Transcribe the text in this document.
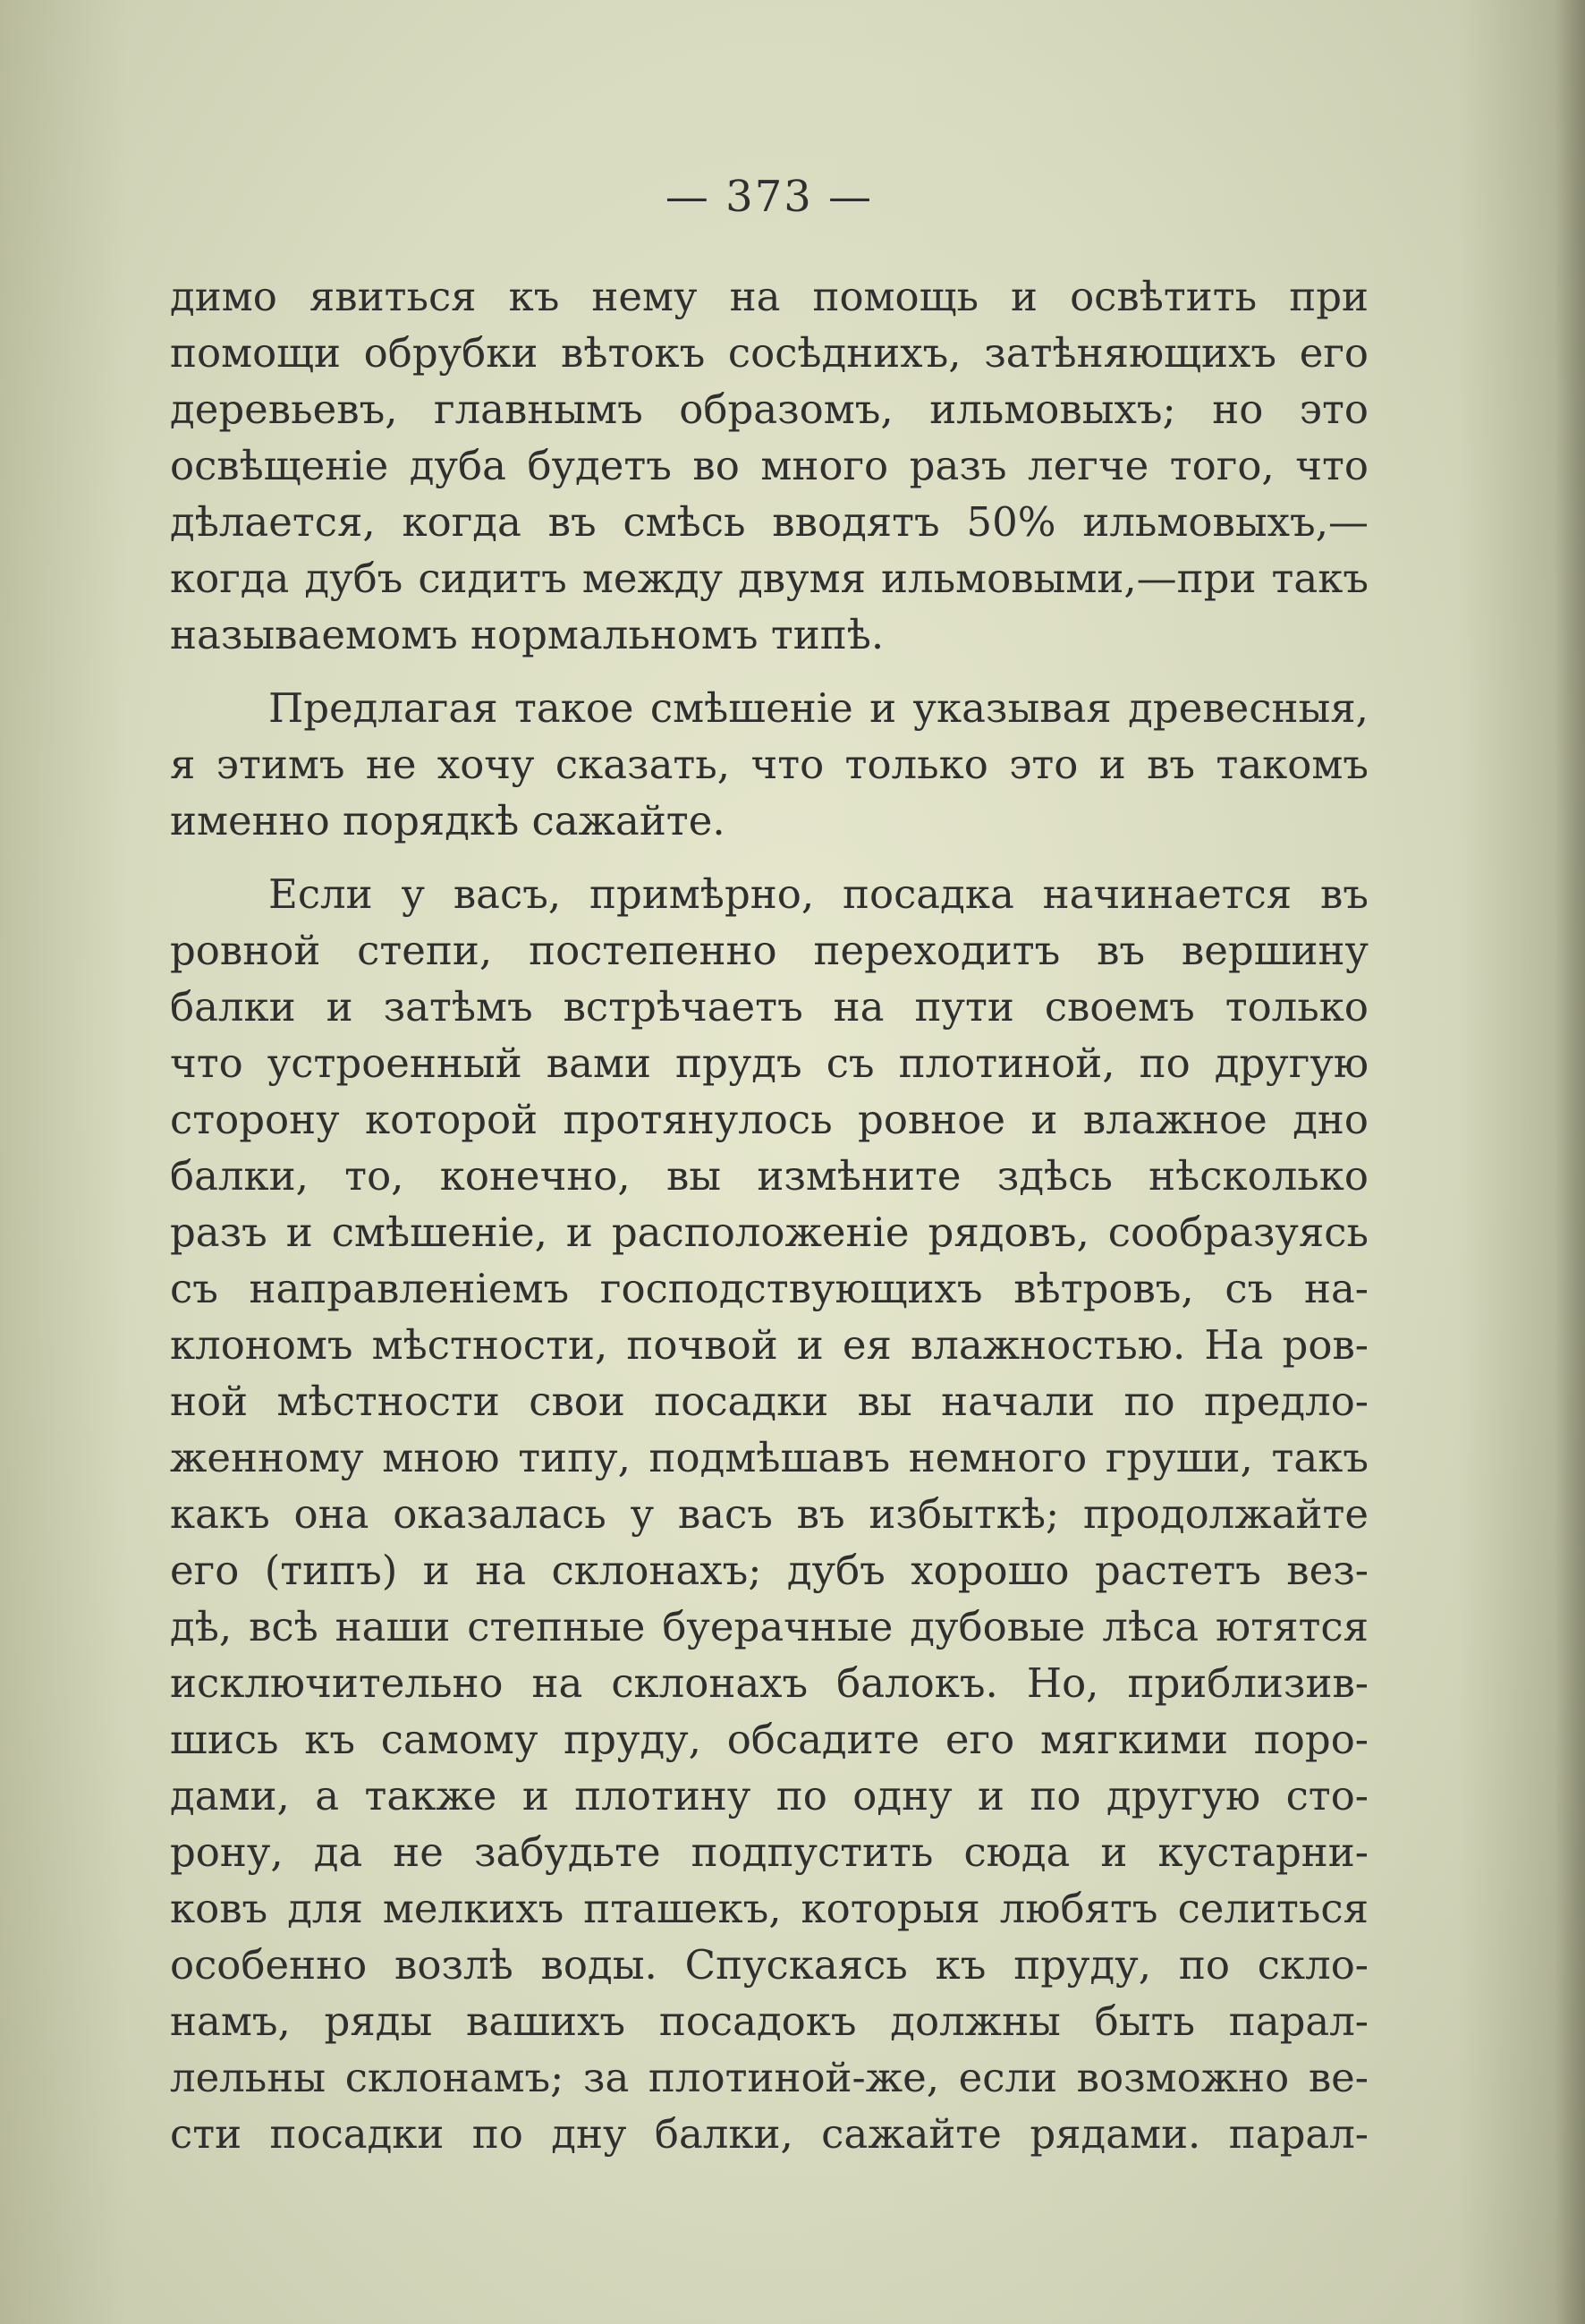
— 373 —
димо явиться къ нему на помощь и освѣтить при
помощи обрубки вѣтокъ сосѣднихъ, затѣняющихъ его
деревьевъ, главнымъ образомъ, ильмовыхъ; но это
освѣщеніе дуба будетъ во много разъ легче того, что
дѣлается, когда въ смѣсь вводятъ 50% ильмовыхъ,—
когда дубъ сидитъ между двумя ильмовыми,—при такъ
называемомъ нормальномъ типѣ.
Предлагая такое смѣшеніе и указывая древесныя,
я этимъ не хочу сказать, что только это и въ такомъ
именно порядкѣ сажайте.
Если у васъ, примѣрно, посадка начинается въ
ровной степи, постепенно переходитъ въ вершину
балки и затѣмъ встрѣчаетъ на пути своемъ только
что устроенный вами прудъ съ плотиной, по другую
сторону которой протянулось ровное и влажное дно
балки, то, конечно, вы измѣните здѣсь нѣсколько
разъ и смѣшеніе, и расположеніе рядовъ, сообразуясь
съ направленіемъ господствующихъ вѣтровъ, съ на-
клономъ мѣстности, почвой и ея влажностью. На ров-
ной мѣстности свои посадки вы начали по предло-
женному мною типу, подмѣшавъ немного груши, такъ
какъ она оказалась у васъ въ избыткѣ; продолжайте
его (типъ) и на склонахъ; дубъ хорошо растетъ вез-
дѣ, всѣ наши степные буерачные дубовые лѣса ютятся
исключительно на склонахъ балокъ. Но, приблизив-
шись къ самому пруду, обсадите его мягкими поро-
дами, а также и плотину по одну и по другую сто-
рону, да не забудьте подпустить сюда и кустарни-
ковъ для мелкихъ пташекъ, которыя любятъ селиться
особенно возлѣ воды. Спускаясь къ пруду, по скло-
намъ, ряды вашихъ посадокъ должны быть парал-
лельны склонамъ; за плотиной-же, если возможно ве-
сти посадки по дну балки, сажайте рядами. парал-
